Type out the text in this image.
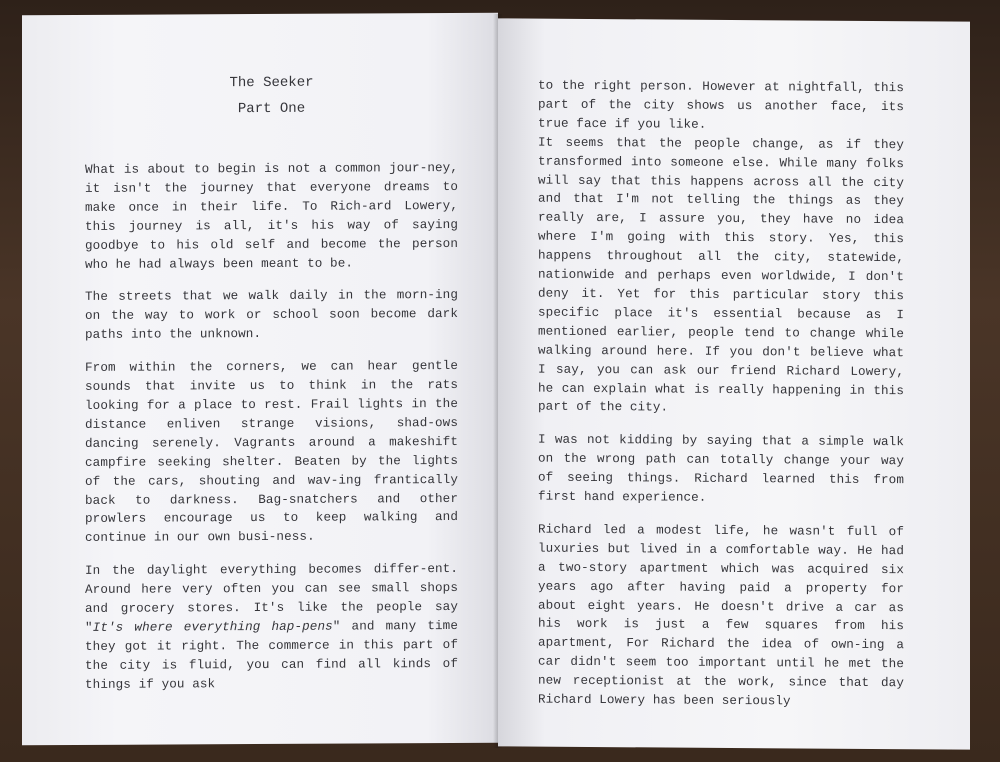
The Seeker

Part One

What is about to begin is not a common jour-ney, it isn't the journey that everyone dreams to make once in their life. To Rich-ard Lowery, this journey is all, it's his way of saying goodbye to his old self and become the person who he had always been meant to be.

The streets that we walk daily in the morn-ing on the way to work or school soon become dark paths into the unknown.

From within the corners, we can hear gentle sounds that invite us to think in the rats looking for a place to rest. Frail lights in the distance enliven strange visions, shad-ows dancing serenely. Vagrants around a makeshift campfire seeking shelter. Beaten by the lights of the cars, shouting and wav-ing frantically back to darkness. Bag-snatchers and other prowlers encourage us to keep walking and continue in our own busi-ness.

In the daylight everything becomes differ-ent. Around here very often you can see small shops and grocery stores. It's like the people say "It's where everything hap-pens" and many time they got it right. The commerce in this part of the city is fluid, you can find all kinds of things if you ask

to the right person. However at nightfall, this part of the city shows us another face, its true face if you like.

It seems that the people change, as if they transformed into someone else. While many folks will say that this happens across all the city and that I'm not telling the things as they really are, I assure you, they have no idea where I'm going with this story. Yes, this happens throughout all the city, statewide, nationwide and perhaps even worldwide, I don't deny it. Yet for this particular story this specific place it's essential because as I mentioned earlier, people tend to change while walking around here. If you don't believe what I say, you can ask our friend Richard Lowery, he can explain what is really happening in this part of the city.

I was not kidding by saying that a simple walk on the wrong path can totally change your way of seeing things. Richard learned this from first hand experience.

Richard led a modest life, he wasn't full of luxuries but lived in a comfortable way. He had a two-story apartment which was acquired six years ago after having paid a property for about eight years. He doesn't drive a car as his work is just a few squares from his apartment, For Richard the idea of own-ing a car didn't seem too important until he met the new receptionist at the work, since that day Richard Lowery has been seriously
